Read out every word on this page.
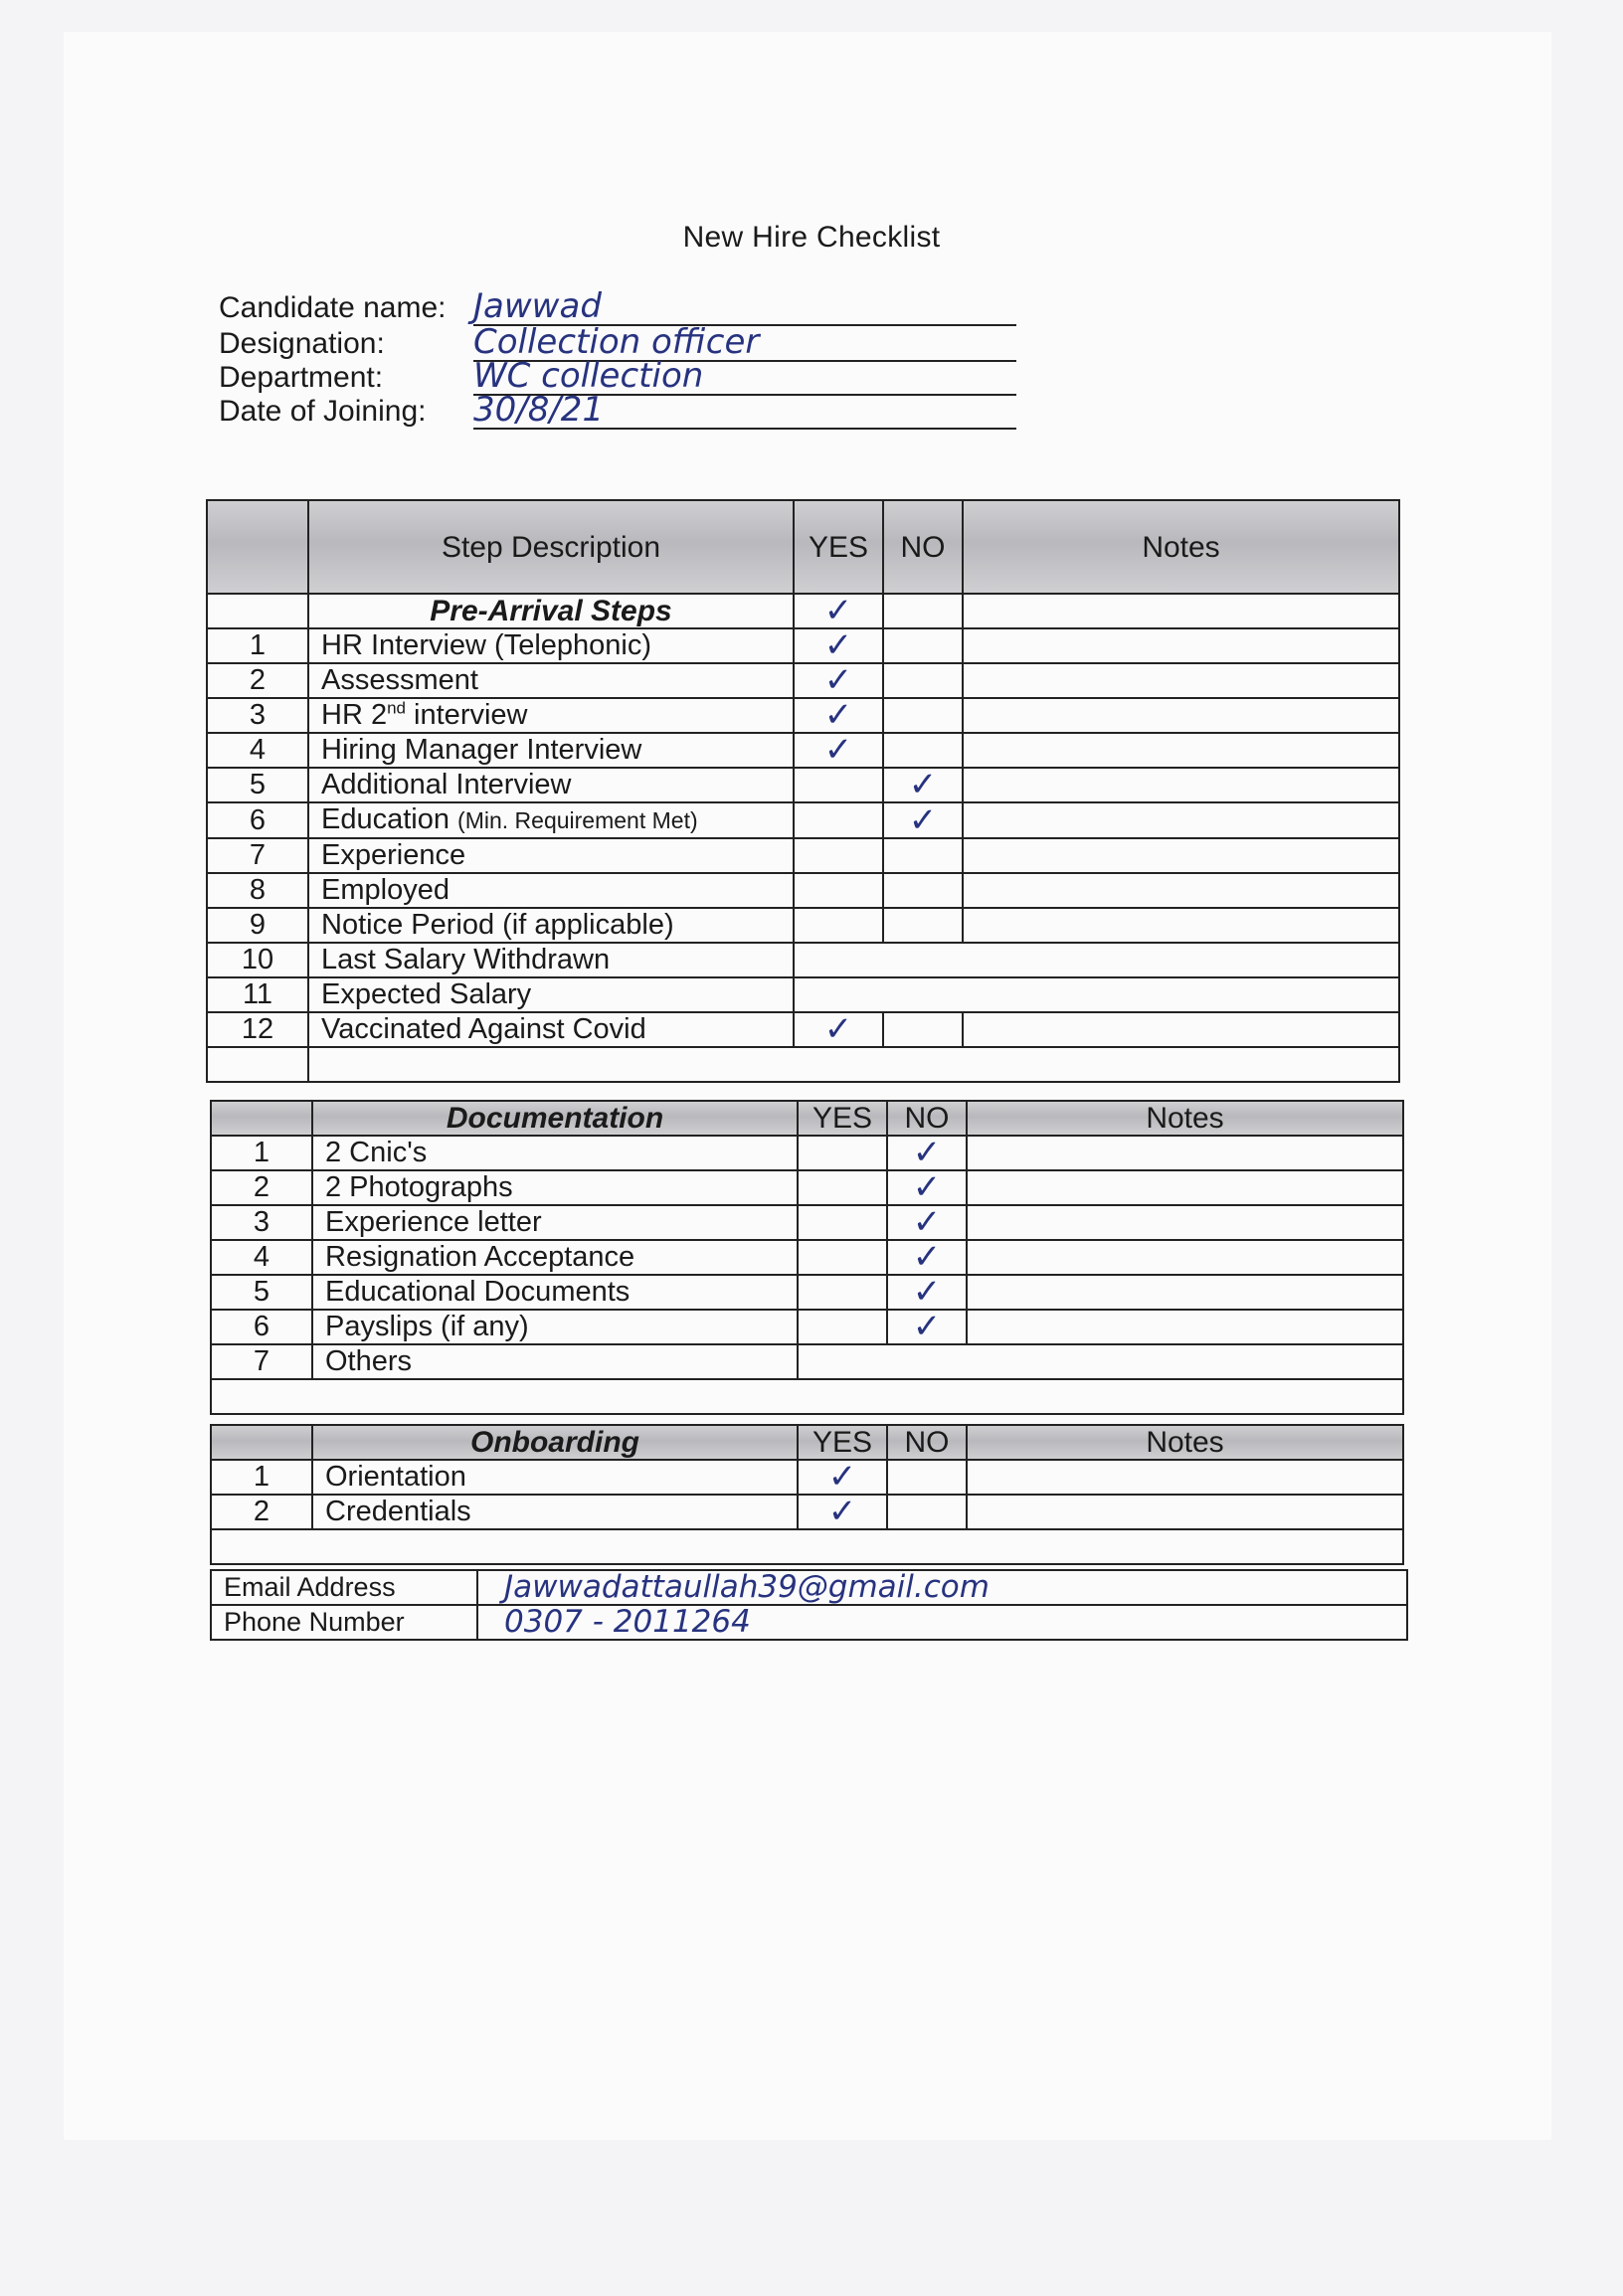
New Hire Checklist
Candidate name: Jawwad
Designation:	Collection officer
Department:	WC collection
Date of Joining: 30/8/21
	Step Description	YES	NO	Notes
	Pre-Arrival Steps	✓		
1	HR Interview (Telephonic)	✓		
2	Assessment	✓		
3	HR 2nd interview	✓		
4	Hiring Manager Interview	✓		
5	Additional Interview		✓	
6	Education (Min. Requirement Met)		✓	
7	Experience			
8	Employed			
9	Notice Period (if applicable)			
10	Last Salary Withdrawn			
11	Expected Salary			
12	Vaccinated Against Covid	✓		

	Documentation	YES	NO	Notes
1	2 Cnic's		✓	
2	2 Photographs		✓	
3	Experience letter		✓	
4	Resignation Acceptance		✓	
5	Educational Documents		✓	
6	Payslips (if any)		✓	
7	Others			

	Onboarding	YES	NO	Notes
1	Orientation	✓		
2	Credentials	✓		

Email Address	Jawwadattaullah39@gmail.com
Phone Number	0307 - 2011264
